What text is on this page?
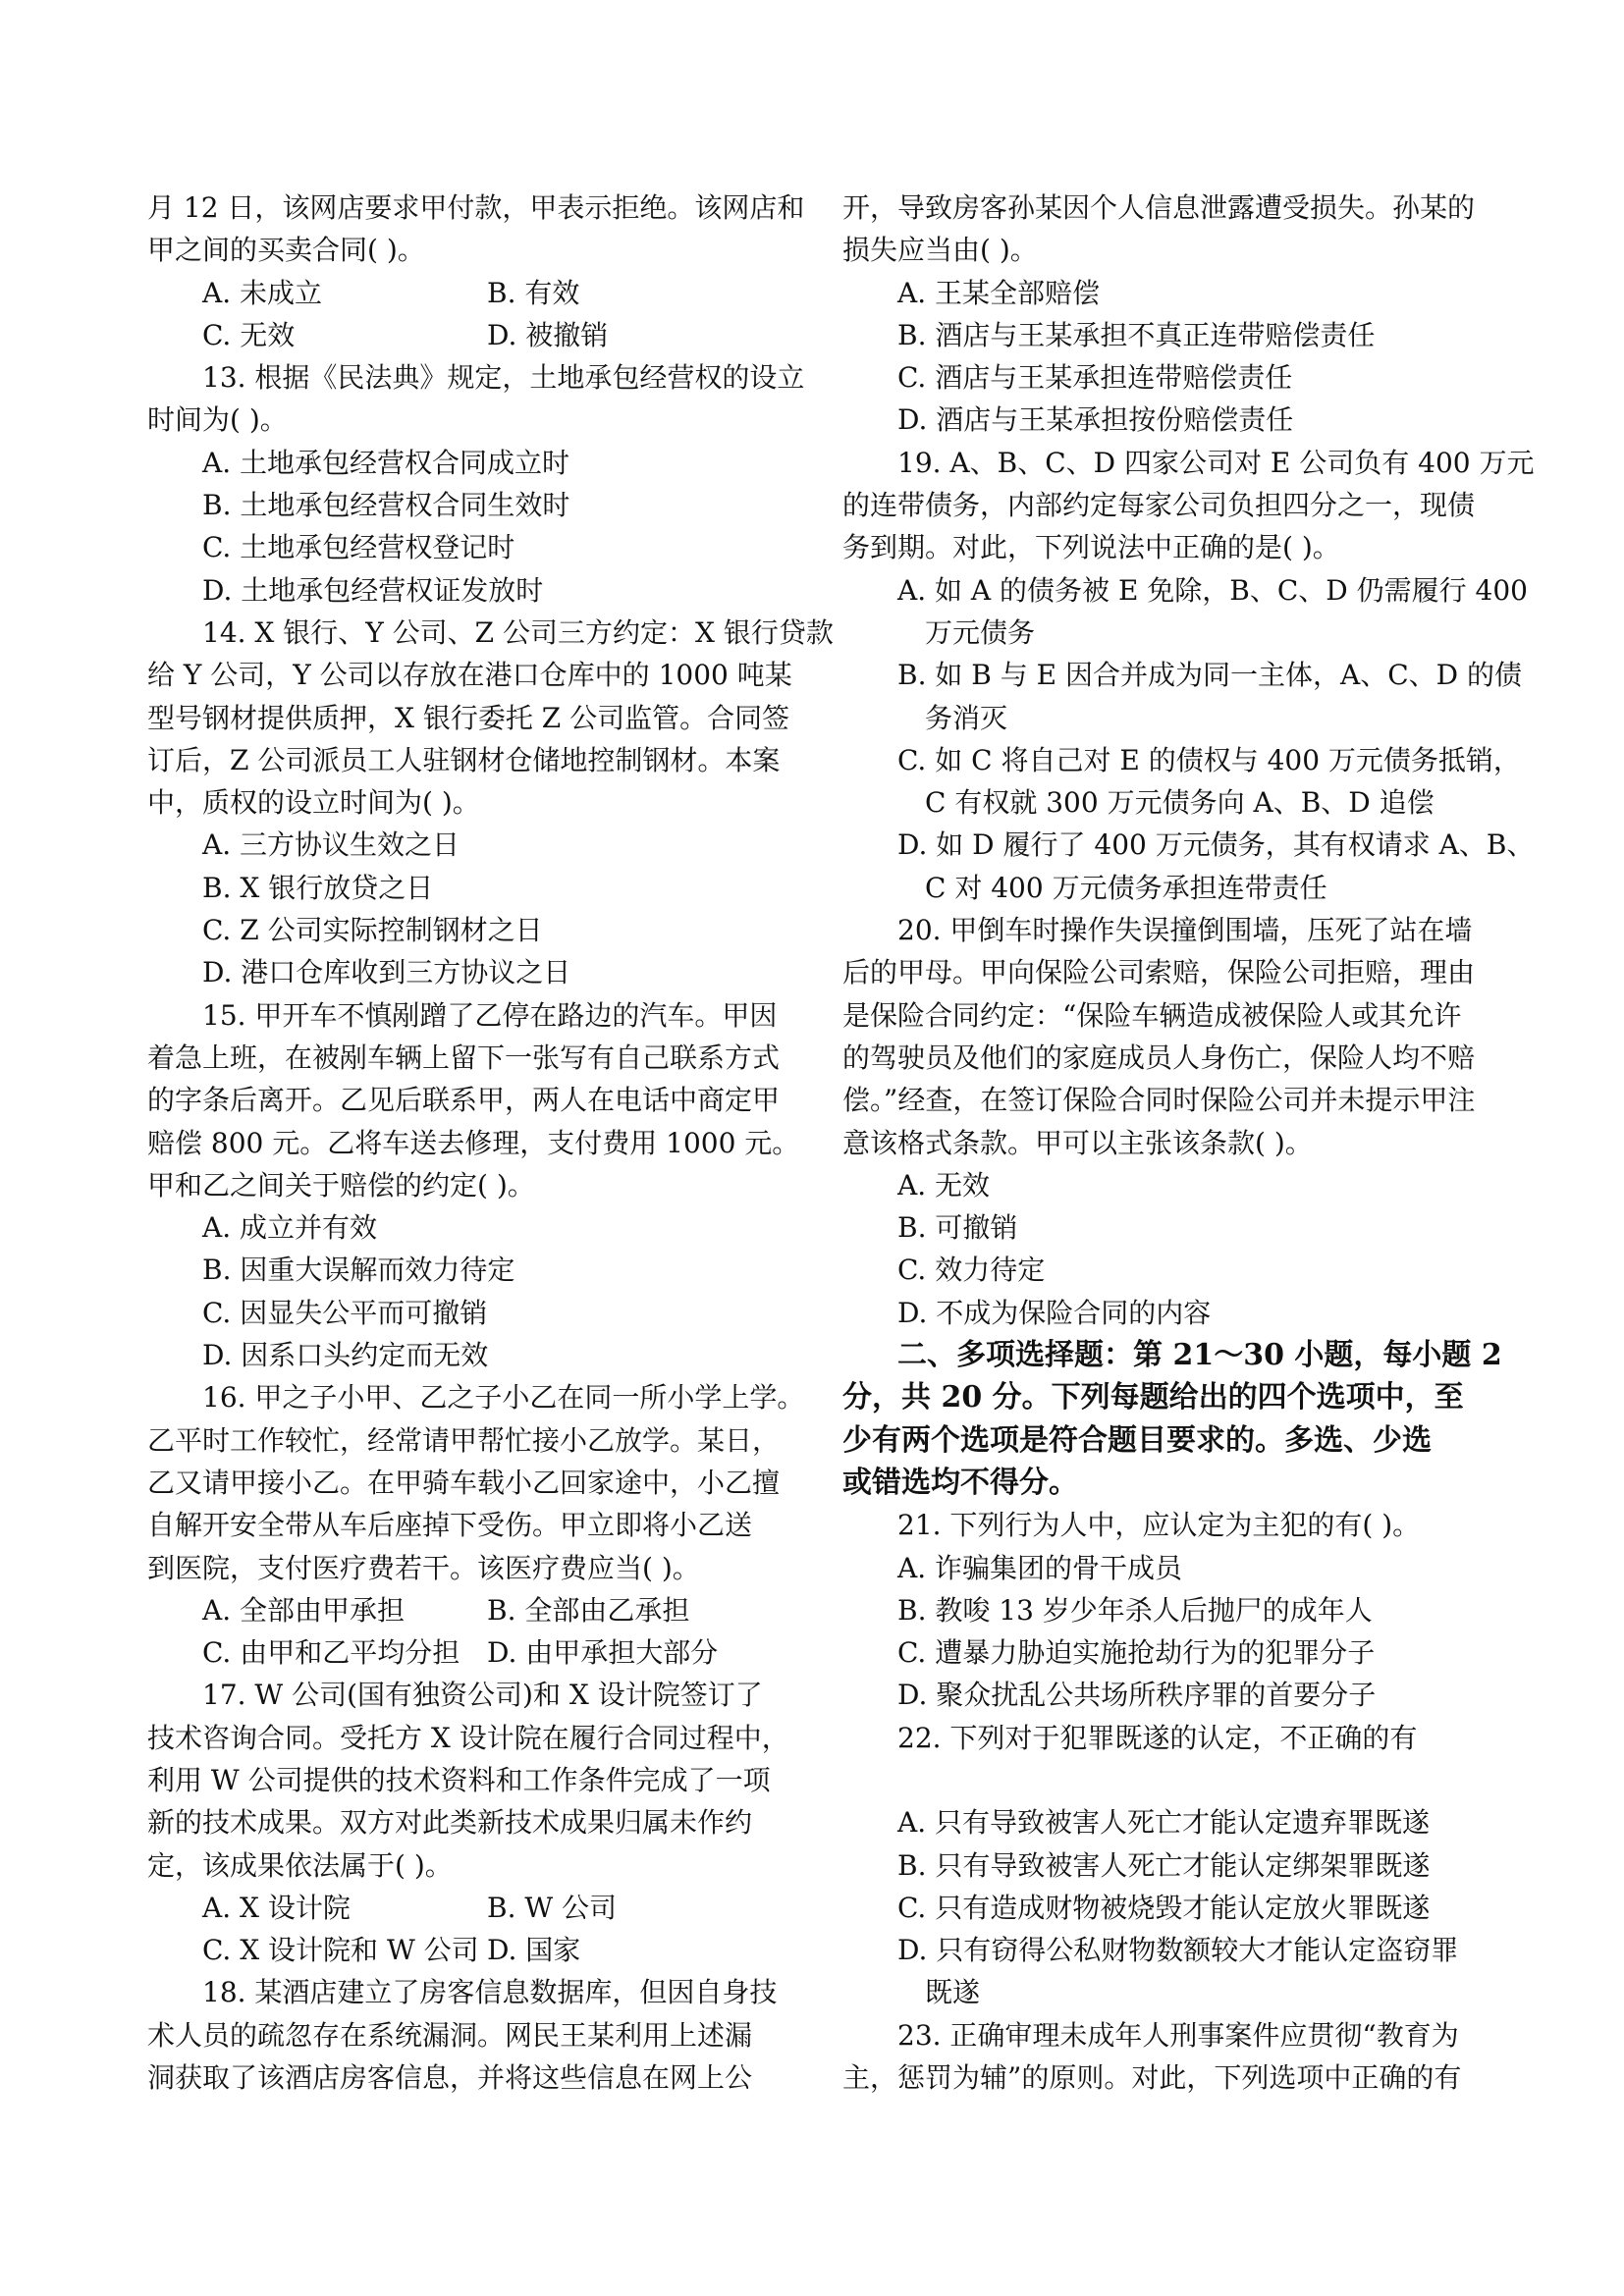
月 12 日，该网店要求甲付款，甲表示拒绝。该网店和
甲之间的买卖合同( )。
A. 未成立	B. 有效
C. 无效	D. 被撤销
13. 根据《民法典》规定，土地承包经营权的设立
时间为( )。
A. 土地承包经营权合同成立时
B. 土地承包经营权合同生效时
C. 土地承包经营权登记时
D. 土地承包经营权证发放时
14. X 银行、Y 公司、Z 公司三方约定：X 银行贷款
给 Y 公司，Y 公司以存放在港口仓库中的 1000 吨某
型号钢材提供质押，X 银行委托 Z 公司监管。合同签
订后，Z 公司派员工人驻钢材仓储地控制钢材。本案
中，质权的设立时间为( )。
A. 三方协议生效之日
B. X 银行放贷之日
C. Z 公司实际控制钢材之日
D. 港口仓库收到三方协议之日
15. 甲开车不慎剐蹭了乙停在路边的汽车。甲因
着急上班，在被剐车辆上留下一张写有自己联系方式
的字条后离开。乙见后联系甲，两人在电话中商定甲
赔偿 800 元。乙将车送去修理，支付费用 1000 元。
甲和乙之间关于赔偿的约定( )。
A. 成立并有效
B. 因重大误解而效力待定
C. 因显失公平而可撤销
D. 因系口头约定而无效
16. 甲之子小甲、乙之子小乙在同一所小学上学。
乙平时工作较忙，经常请甲帮忙接小乙放学。某日，
乙又请甲接小乙。在甲骑车载小乙回家途中，小乙擅
自解开安全带从车后座掉下受伤。甲立即将小乙送
到医院，支付医疗费若干。该医疗费应当( )。
A. 全部由甲承担	B. 全部由乙承担
C. 由甲和乙平均分担 D. 由甲承担大部分
17. W 公司(国有独资公司)和 X 设计院签订了
技术咨询合同。受托方 X 设计院在履行合同过程中，
利用 W 公司提供的技术资料和工作条件完成了一项
新的技术成果。双方对此类新技术成果归属未作约
定，该成果依法属于( )。
A. X 设计院	B. W 公司
C. X 设计院和 W 公司 D. 国家
18. 某酒店建立了房客信息数据库，但因自身技
术人员的疏忽存在系统漏洞。网民王某利用上述漏
洞获取了该酒店房客信息，并将这些信息在网上公
开，导致房客孙某因个人信息泄露遭受损失。孙某的
损失应当由( )。
A. 王某全部赔偿
B. 酒店与王某承担不真正连带赔偿责任
C. 酒店与王某承担连带赔偿责任
D. 酒店与王某承担按份赔偿责任
19. A、B、C、D 四家公司对 E 公司负有 400 万元
的连带债务，内部约定每家公司负担四分之一，现债
务到期。对此，下列说法中正确的是( )。
A. 如 A 的债务被 E 免除，B、C、D 仍需履行 400
万元债务
B. 如 B 与 E 因合并成为同一主体，A、C、D 的债
务消灭
C. 如 C 将自己对 E 的债权与 400 万元债务抵销，
C 有权就 300 万元债务向 A、B、D 追偿
D. 如 D 履行了 400 万元债务，其有权请求 A、B、
C 对 400 万元债务承担连带责任
20. 甲倒车时操作失误撞倒围墙，压死了站在墙
后的甲母。甲向保险公司索赔，保险公司拒赔，理由
是保险合同约定：“保险车辆造成被保险人或其允许
的驾驶员及他们的家庭成员人身伤亡，保险人均不赔
偿。”经查，在签订保险合同时保险公司并未提示甲注
意该格式条款。甲可以主张该条款( )。
A. 无效
B. 可撤销
C. 效力待定
D. 不成为保险合同的内容
二、多项选择题：第 21～30 小题，每小题 2
分，共 20 分。下列每题给出的四个选项中，至
少有两个选项是符合题目要求的。多选、少选
或错选均不得分。
21. 下列行为人中，应认定为主犯的有( )。
A. 诈骗集团的骨干成员
B. 教唆 13 岁少年杀人后抛尸的成年人
C. 遭暴力胁迫实施抢劫行为的犯罪分子
D. 聚众扰乱公共场所秩序罪的首要分子
22. 下列对于犯罪既遂的认定，不正确的有
A. 只有导致被害人死亡才能认定遗弃罪既遂
B. 只有导致被害人死亡才能认定绑架罪既遂
C. 只有造成财物被烧毁才能认定放火罪既遂
D. 只有窃得公私财物数额较大才能认定盗窃罪
既遂
23. 正确审理未成年人刑事案件应贯彻“教育为
主，惩罚为辅”的原则。对此，下列选项中正确的有
